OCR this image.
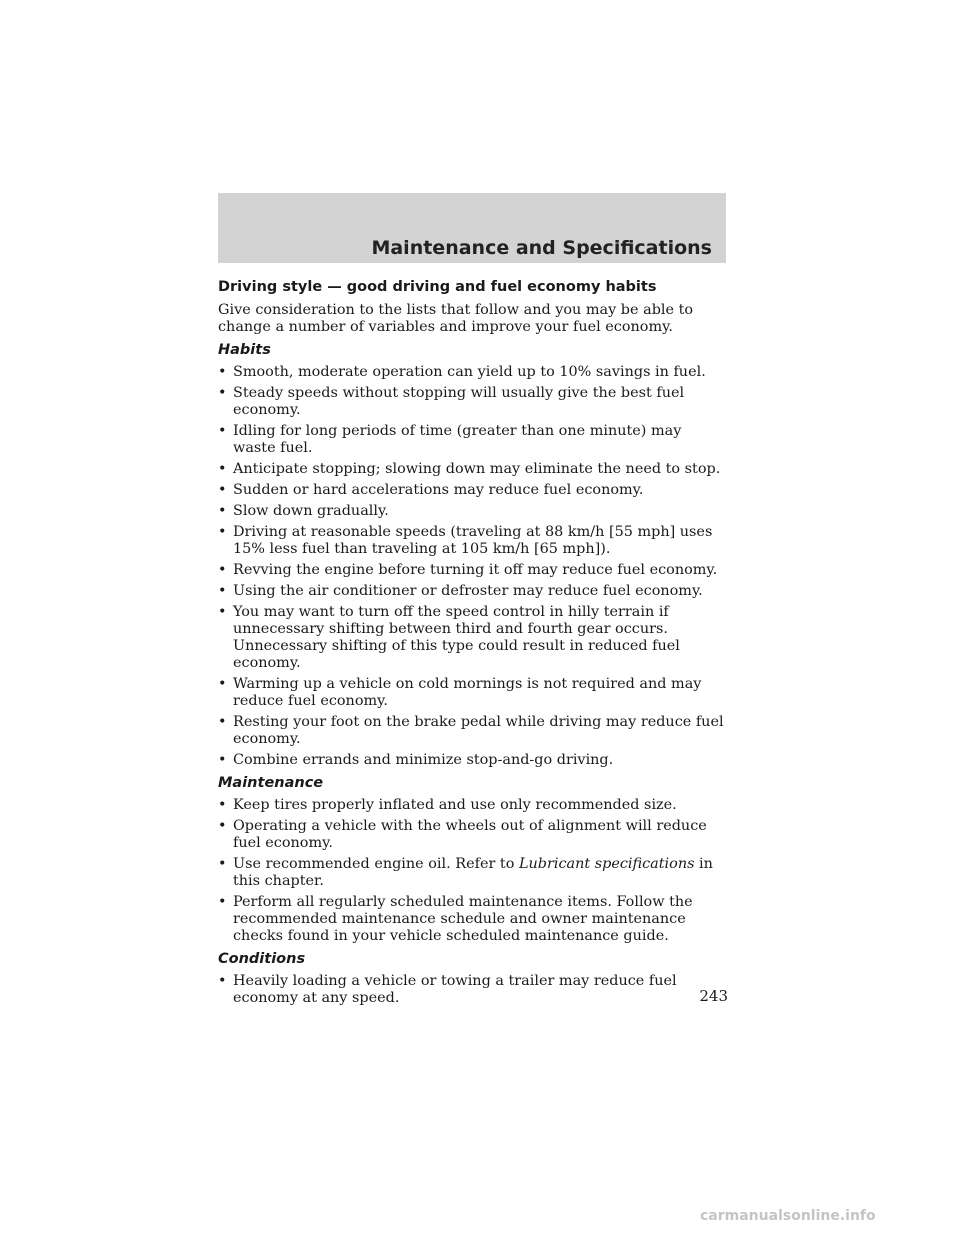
Maintenance and Specifications
Driving style — good driving and fuel economy habits

Give consideration to the lists that follow and you may be able to change a number of variables and improve your fuel economy.

Habits
• Smooth, moderate operation can yield up to 10% savings in fuel.
• Steady speeds without stopping will usually give the best fuel economy.
• Idling for long periods of time (greater than one minute) may waste fuel.
• Anticipate stopping; slowing down may eliminate the need to stop.
• Sudden or hard accelerations may reduce fuel economy.
• Slow down gradually.
• Driving at reasonable speeds (traveling at 88 km/h [55 mph] uses 15% less fuel than traveling at 105 km/h [65 mph]).
• Revving the engine before turning it off may reduce fuel economy.
• Using the air conditioner or defroster may reduce fuel economy.
• You may want to turn off the speed control in hilly terrain if unnecessary shifting between third and fourth gear occurs. Unnecessary shifting of this type could result in reduced fuel economy.
• Warming up a vehicle on cold mornings is not required and may reduce fuel economy.
• Resting your foot on the brake pedal while driving may reduce fuel economy.
• Combine errands and minimize stop-and-go driving.
Maintenance
• Keep tires properly inflated and use only recommended size.
• Operating a vehicle with the wheels out of alignment will reduce fuel economy.
• Use recommended engine oil. Refer to Lubricant specifications in this chapter.
• Perform all regularly scheduled maintenance items. Follow the recommended maintenance schedule and owner maintenance checks found in your vehicle scheduled maintenance guide.
Conditions
• Heavily loading a vehicle or towing a trailer may reduce fuel economy at any speed.	243
carmanualsonline.info
